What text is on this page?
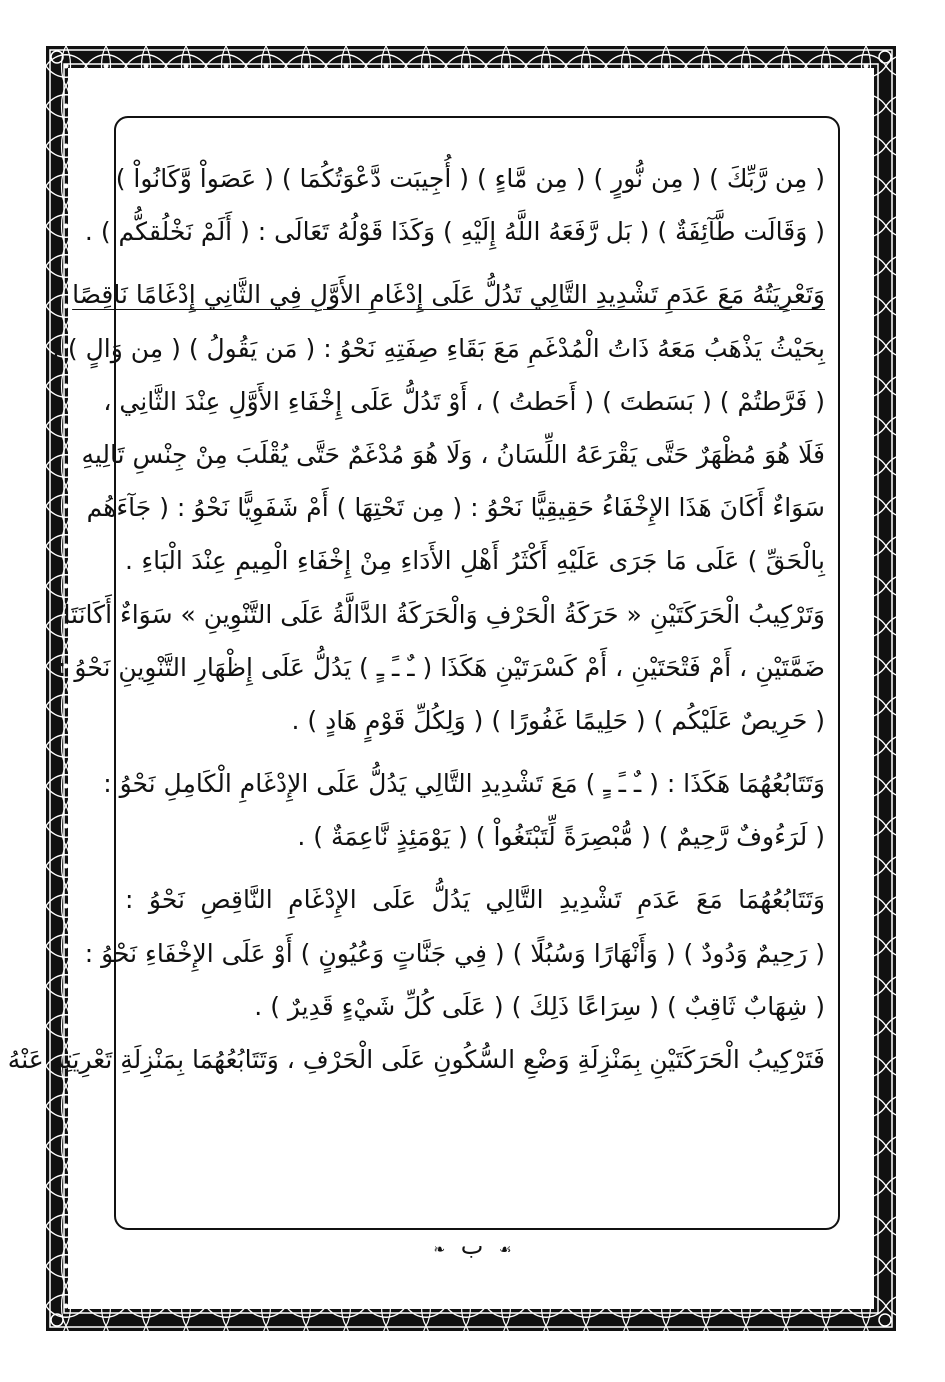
( مِن رَّبِّكَ ) ( مِن نُّورٍ ) ( مِن مَّاءٍ ) ( أُجِيبَت دَّعْوَتُكُمَا ) ( عَصَواْ وَّكَانُواْ )
( وَقَالَت طَّآئِفَةٌ ) ( بَل رَّفَعَهُ اللَّهُ إِلَيْهِ ) وَكَذَا قَوْلُهُ تَعَالَى : ( أَلَمْ نَخْلُقكُّم ) .
وَتَعْرِيَتُهُ مَعَ عَدَمِ تَشْدِيدِ التَّالِي تَدُلُّ عَلَى إِدْغَامِ الأَوَّلِ فِي الثَّانِي إِدْغَامًا نَاقِصًا
بِحَيْثُ يَذْهَبُ مَعَهُ ذَاتُ الْمُدْغَمِ مَعَ بَقَاءِ صِفَتِهِ نَحْوُ : ( مَن يَقُولُ ) ( مِن وَالٍ ) ،
( فَرَّطتُمْ ) ( بَسَطتَ ) ( أَحَطتُ ) ، أَوْ تَدُلُّ عَلَى إِخْفَاءِ الأَوَّلِ عِنْدَ الثَّانِي ،
فَلَا هُوَ مُظْهَرٌ حَتَّى يَقْرَعَهُ اللِّسَانُ ، وَلَا هُوَ مُدْغَمٌ حَتَّى يُقْلَبَ مِنْ جِنْسِ تَالِيهِ
سَوَاءٌ أَكَانَ هَذَا الإِخْفَاءُ حَقِيقِيًّا نَحْوُ : ( مِن تَحْتِهَا ) أَمْ شَفَوِيًّا نَحْوُ : ( جَآءَهُم
بِالْحَقِّ ) عَلَى مَا جَرَى عَلَيْهِ أَكْثَرُ أَهْلِ الأَدَاءِ مِنْ إِخْفَاءِ الْمِيمِ عِنْدَ الْبَاءِ .
وَتَرْكِيبُ الْحَرَكَتَيْنِ « حَرَكَةُ الْحَرْفِ وَالْحَرَكَةُ الدَّالَّةُ عَلَى التَّنْوِينِ » سَوَاءٌ أَكَانَتَا
ضَمَّتَيْنِ ، أَمْ فَتْحَتَيْنِ ، أَمْ كَسْرَتَيْنِ هَكَذَا ( ـٌ ـً ـٍ ) يَدُلُّ عَلَى إِظْهَارِ التَّنْوِينِ نَحْوُ :
( حَرِيصٌ عَلَيْكُم ) ( حَلِيمًا غَفُورًا ) ( وَلِكُلِّ قَوْمٍ هَادٍ ) .
وَتَتَابُعُهُمَا هَكَذَا : ( ـٌ ـً ـٍ ) مَعَ تَشْدِيدِ التَّالِي يَدُلُّ عَلَى الإِدْغَامِ الْكَامِلِ نَحْوُ :
( لَرَءُوفٌ رَّحِيمٌ ) ( مُّبْصِرَةً لِّتَبْتَغُواْ ) ( يَوْمَئِذٍ نَّاعِمَةٌ ) .
وَتَتَابُعُهُمَا مَعَ عَدَمِ تَشْدِيدِ التَّالِي يَدُلُّ عَلَى الإِدْغَامِ النَّاقِصِ نَحْوُ :
( رَحِيمٌ وَدُودٌ ) ( وَأَنْهَارًا وَسُبُلًا ) ( فِي جَنَّاتٍ وَعُيُونٍ ) أَوْ عَلَى الإِخْفَاءِ نَحْوُ :
( شِهَابٌ ثَاقِبٌ ) ( سِرَاعًا ذَلِكَ ) ( عَلَى كُلِّ شَيْءٍ قَدِيرٌ ) .
فَتَرْكِيبُ الْحَرَكَتَيْنِ بِمَنْزِلَةِ وَضْعِ السُّكُونِ عَلَى الْحَرْفِ ، وَتَتَابُعُهُمَا بِمَنْزِلَةِ تَعْرِيَتِهِ عَنْهُ
☙ ب ❧
